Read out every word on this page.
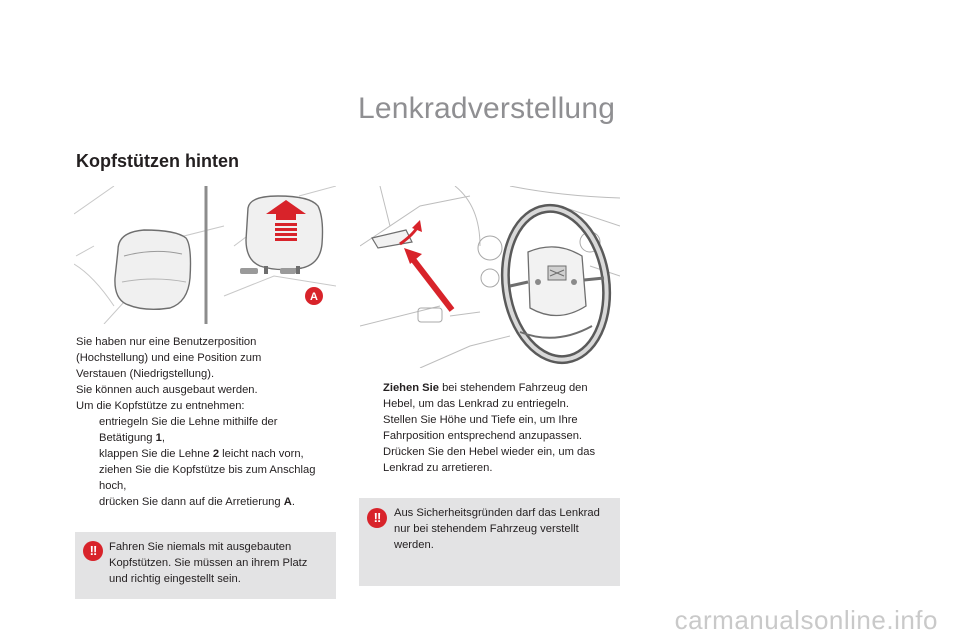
Lenkradverstellung
Kopfstützen hinten
A

Sie haben nur eine Benutzerposition

(Hochstellung) und eine Position zum

Verstauen (Niedrigstellung).

Sie können auch ausgebaut werden.

Um die Kopfstütze zu entnehmen:

entriegeln Sie die Lehne mithilfe der Betätigung 1,
klappen Sie die Lehne 2 leicht nach vorn,
ziehen Sie die Kopfstütze bis zum Anschlag hoch,
drücken Sie dann auf die Arretierung A.
!!	Fahren Sie niemals mit ausgebauten Kopfstützen. Sie müssen an ihrem Platz und richtig eingestellt sein.
Ziehen Sie bei stehendem Fahrzeug den Hebel, um das Lenkrad zu entriegeln.
Stellen Sie Höhe und Tiefe ein, um Ihre Fahrposition entsprechend anzupassen.
Drücken Sie den Hebel wieder ein, um das Lenkrad zu arretieren.
!!	Aus Sicherheitsgründen darf das Lenkrad nur bei stehendem Fahrzeug verstellt werden.
carmanualsonline.info
